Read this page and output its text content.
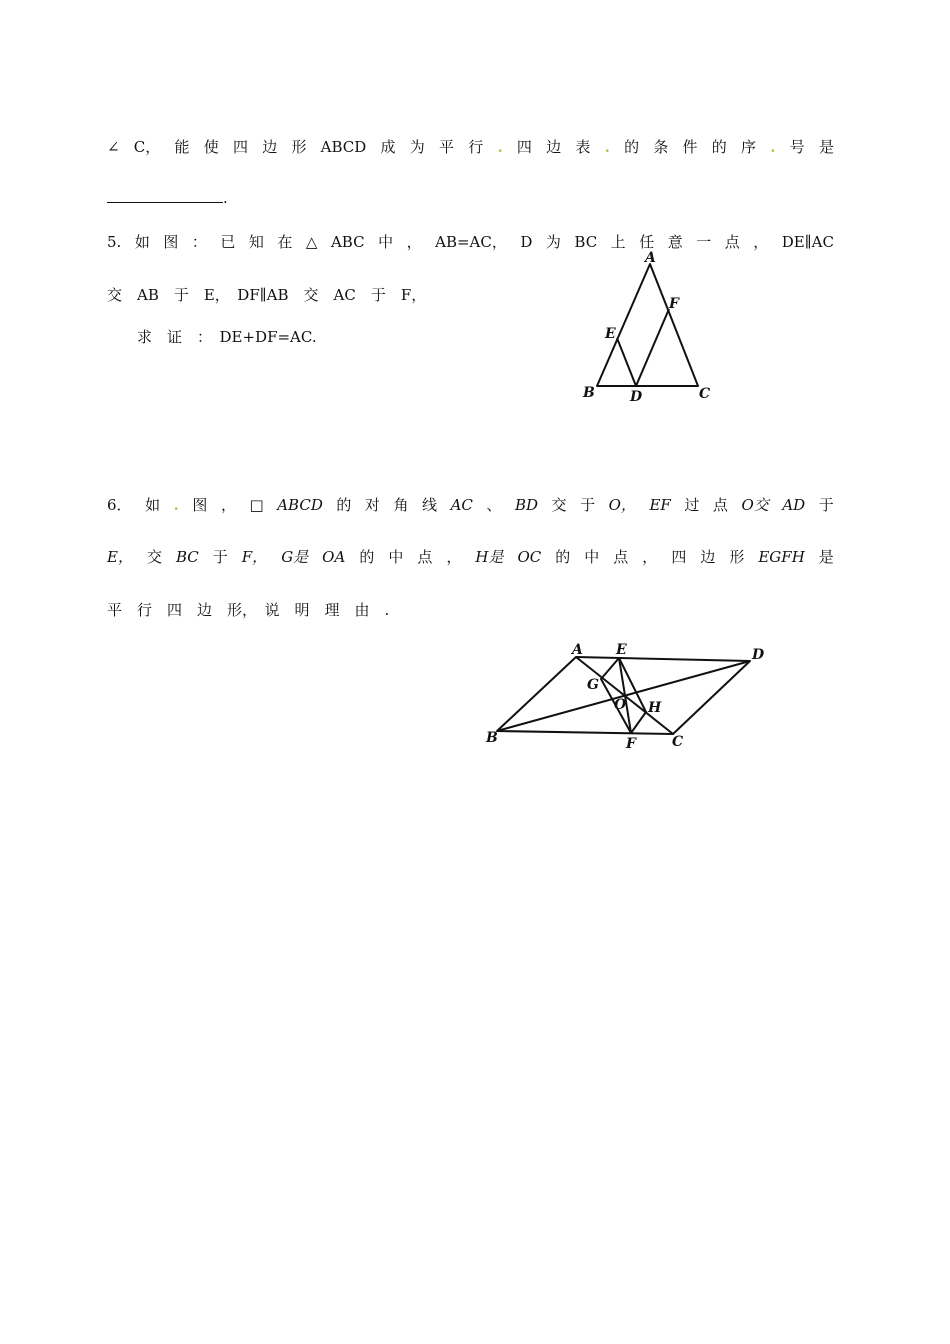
∠ C， 能 使 四 边 形 ABCD 成 为 平 行 . 四 边 表 . 的 条 件 的 序 . 号 是
.
5. 如 图 ： 已 知 在 △ ABC 中 ， AB=AC， D 为 BC 上 任 意 一 点 ， DE∥AC
交　AB　于　E，　DF∥AB　交　AC　于　F，
求　证　：　DE+DF=AC.
A
B	C
D
E
F
6． 如 . 图 ， □ ABCD 的 对 角 线 AC 、 BD 交 于 O， EF 过 点 O交 AD 于
E， 交 BC 于 F， G是 OA 的 中 点 ， H是 OC 的 中 点 ， 四 边 形 EGFH 是
平　行　四　边　形，　说　明　理　由　.
A E	D
G
O H
B	F	C
